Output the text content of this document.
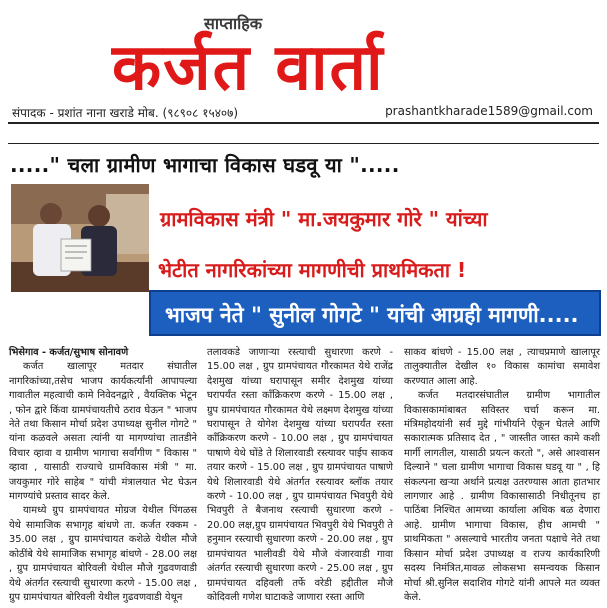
साप्ताहिक
कर्जत वार्ता
संपादक - प्रशांत नाना खराडे मोब. (९८९०८ १५४०७)	prashantkharade1589@gmail.com
....." चला ग्रामीण भागाचा विकास घडवू या ".....
ग्रामविकास मंत्री " मा.जयकुमार गोरे " यांच्या
भेटीत नागरिकांच्या मागणीची प्राथमिकता !
भाजप नेते " सुनील गोगटे " यांची आग्रही मागणी.....

भिसेगाव - कर्जत/सुभाष सोनावणे

कर्जत खालापूर मतदार संघातील नागरिकांच्या,तसेच भाजप कार्यकर्त्यांनी आपापल्या गावातील महत्वाची कामे निवेदनद्वारे , वैयक्तिक भेटून , फोन द्वारे किंवा ग्रामपंचायतीचे ठराव घेऊन " भाजप नेते तथा किसान मोर्चा प्रदेश उपाध्यक्ष सुनील गोगटे " यांना कळवले असता त्यांनी या मागण्यांचा तातडीने विचार व्हावा व ग्रामीण भागाचा सर्वांगीण " विकास " व्हावा , यासाठी राज्याचे ग्रामविकास मंत्री " मा. जयकुमार गोरे साहेब " यांची मंत्रालयात भेट घेऊन मागण्यांचे प्रस्ताव सादर केले.

यामध्ये ग्रुप ग्रामपंचायत मोग्रज येथील पिंगळस येथे सामाजिक सभागृह बांधणे ता. कर्जत रक्कम - 35.00 लक्ष , ग्रुप ग्रामपंचायत कशेळे येथील मौजे कोठींबे येथे सामाजिक सभागृह बांधणे - 28.00 लक्ष , ग्रुप ग्रामपंचायत बोरिवली येथील मौजे गुढवणवाडी येथे अंतर्गत रस्त्याची सुधारणा करणे - 15.00 लक्ष , ग्रुप ग्रामपंचायत बोरिवली येथील गुढवणवाडी येथून

तलावकडे जाणाऱ्या रस्त्याची सुधारणा करणे - 15.00 लक्ष , ग्रुप ग्रामपंचायत गौरकामत येथे राजेंद्र देशमुख यांच्या घरापासून समीर देशमुख यांच्या घरापर्यंत रस्ता कॉंक्रिकरण करणे - 15.00 लक्ष , ग्रुप ग्रामपंचायत गौरकामत येथे लक्ष्मण देशमुख यांच्या घरापासून ते योगेश देशमुख यांच्या घरापर्यंत रस्ता कॉंक्रिकरण करणे - 10.00 लक्ष , ग्रुप ग्रामपंचायत पाषाणे येथे घोंडे ते शिलारवाडी रस्त्यावर पाईप साकव तयार करणे - 15.00 लक्ष , ग्रुप ग्रामपंचायत पाषाणे येथे शिलारवाडी येथे अंतर्गत रस्त्यावर ब्लॉक तयार करणे - 10.00 लक्ष , ग्रुप ग्रामपंचायत भिवपुरी येथे भिवपुरी ते बैजनाथ रस्त्याची सुधारणा करणे - 20.00 लक्ष,ग्रुप ग्रामपंचायत भिवपुरी येथे भिवपुरी ते हनुमान रस्त्याची सुधारणा करणे - 20.00 लक्ष , ग्रुप ग्रामपंचायत भालीवडी येथे मौजे वंजारवाडी गावा अंतर्गत रस्त्याची सुधारणा करणे - 25.00 लक्ष , ग्रुप ग्रामपंचायत दहिवली तर्फे वरेडी हद्दीतील मौजे कोदिवली गणेश घाटाकडे जाणारा रस्ता आणि

साकव बांधणे - 15.00 लक्ष , त्याचप्रमाणे खालापूर तालुक्यातील देखील १० विकास कामांचा समावेश करण्यात आला आहे.

कर्जत मतदारसंघातील ग्रामीण भागातील विकासकामांबाबत सविस्तर चर्चा करून मा. मंत्रिमहोदयांनी सर्व मुद्दे गांभीर्याने ऐकून घेतले आणि सकारात्मक प्रतिसाद देत , " जास्तीत जास्त कामे कशी मार्गी लागतील, यासाठी प्रयत्न करतो ", असे आश्वासन दिल्याने " चला ग्रामीण भागाचा विकास घडवू या " , हि संकल्पना खऱ्या अर्थाने प्रत्यक्ष उतरण्यास आता हातभार लागणार आहे . ग्रामीण विकासासाठी निधीतूनच हा पाठिंबा निश्चित आमच्या कार्याला अधिक बळ देणारा आहे. ग्रामीण भागाचा विकास, हीच आमची " प्राथमिकता " असल्याचे भारतीय जनता पक्षाचे नेते तथा किसान मोर्चा प्रदेश उपाध्यक्ष व राज्य कार्यकारिणी सदस्य निमंत्रित,मावळ लोकसभा समन्वयक किसान मोर्चा श्री.सुनिल सदाशिव गोगटे यांनी आपले मत व्यक्त केले.
